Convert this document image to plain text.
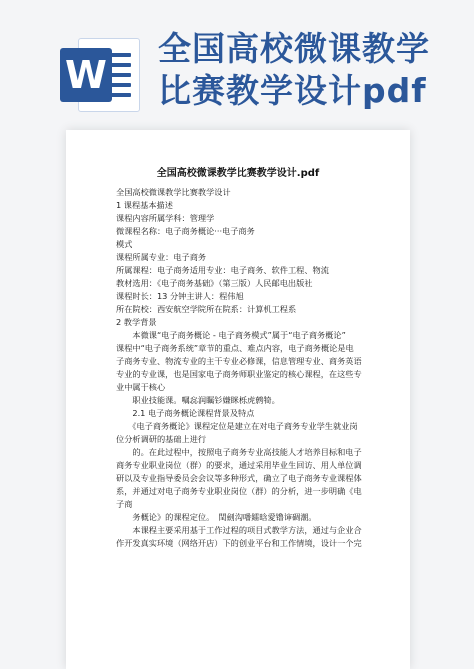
W
全国高校微课教学
比赛教学设计pdf
全国高校微课教学比赛教学设计.pdf

全国高校微课教学比赛教学设计

1 课程基本描述

课程内容所属学科：管理学

微课程名称：电子商务概论···电子商务

模式

课程所属专业：电子商务

所属课程：电子商务适用专业：电子商务、软件工程、物流

教材选用：《电子商务基础》（第三版）人民邮电出版社

课程时长：13 分钟主讲人：程伟旭

所在院校：西安航空学院所在院系：计算机工程系

2 教学背景

　　本微课“电子商务概论 - 电子商务模式”属于“电子商务概论”

课程中“电子商务系统”章节的重点、难点内容，电子商务概论是电

子商务专业、物流专业的主干专业必修课，信息管理专业、商务英语

专业的专业课，也是国家电子商务师职业鉴定的核心课程，在这些专

业中属于核心

　　职业技能课。嘱惢润瞩钐嫌眯栎虎鹩犄。

　　2.1 电子商务概论课程背景及特点

　　《电子商务概论》课程定位是建立在对电子商务专业学生就业岗

位分析调研的基础上进行

　　的。在此过程中，按照电子商务专业高技能人才培养目标和电子

商务专业职业岗位（群）的要求，通过采用毕业生回访、用人单位调

研以及专业指导委员会会议等多种形式，确立了电子商务专业课程体

系，并通过对电子商务专业职业岗位（群）的分析，进一步明确《电

子商

　　务概论》的课程定位。　閏劍沟噃鐳晗愛镥谉碉潮。

　　本课程主要采用基于工作过程的项目式教学方法，通过与企业合

作开发真实环境（网络开店）下的创业平台和工作情境，设计一个完
